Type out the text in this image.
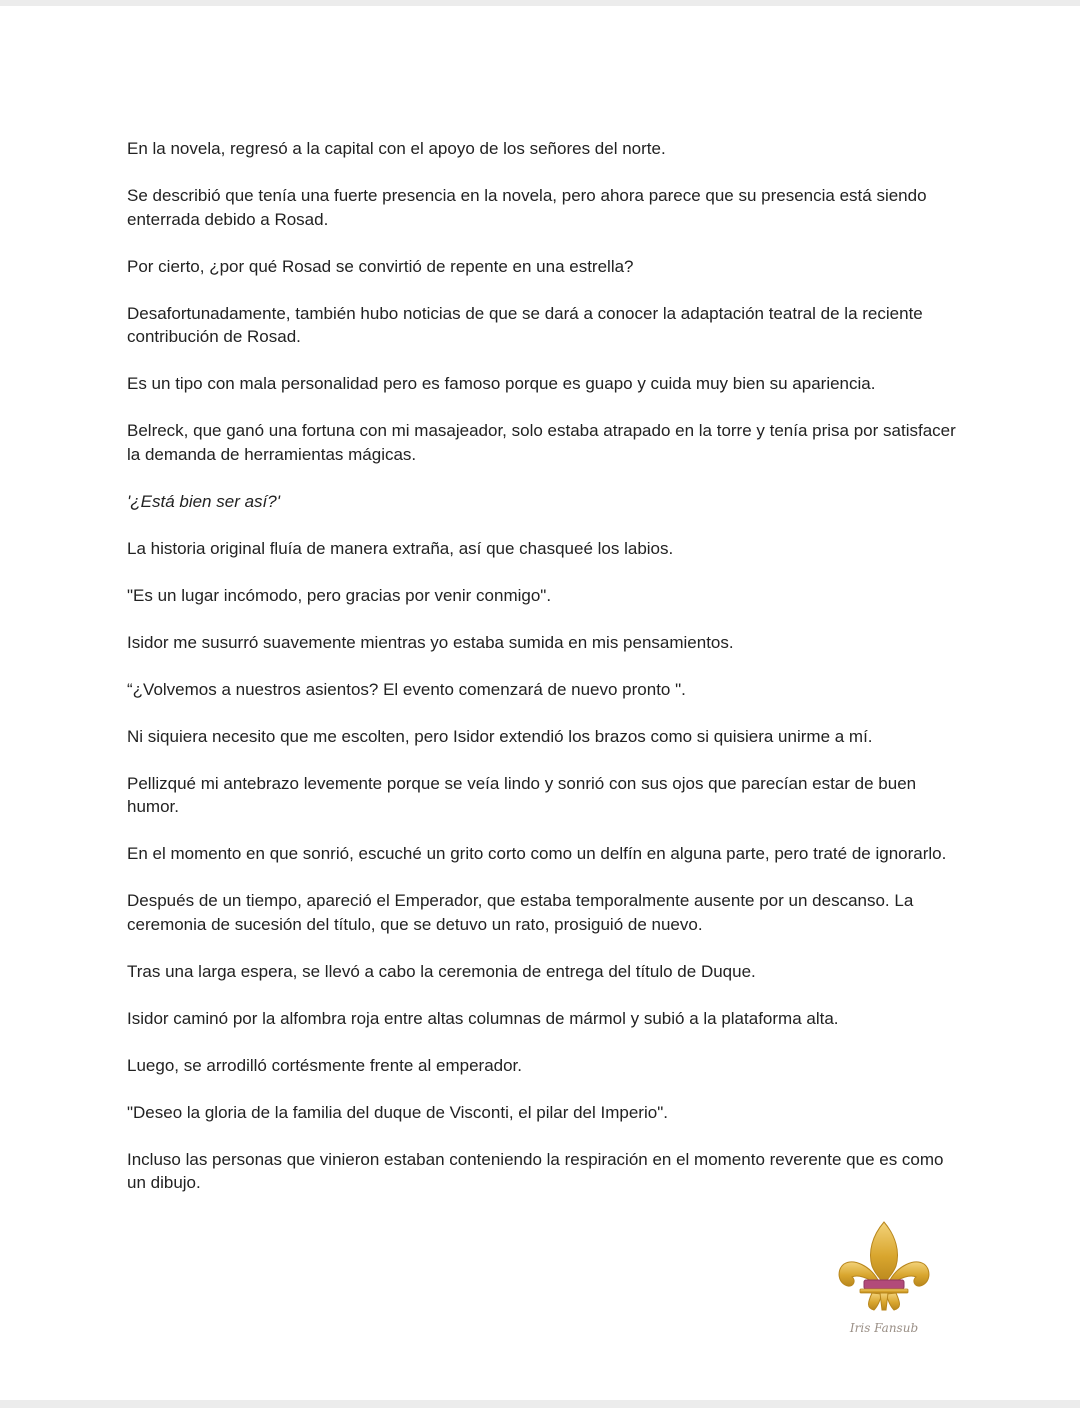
En la novela, regresó a la capital con el apoyo de los señores del norte.

Se describió que tenía una fuerte presencia en la novela, pero ahora parece que su presencia está siendo enterrada debido a Rosad.

Por cierto, ¿por qué Rosad se convirtió de repente en una estrella?

Desafortunadamente, también hubo noticias de que se dará a conocer la adaptación teatral de la reciente contribución de Rosad.

Es un tipo con mala personalidad pero es famoso porque es guapo y cuida muy bien su apariencia.

Belreck, que ganó una fortuna con mi masajeador, solo estaba atrapado en la torre y tenía prisa por satisfacer la demanda de herramientas mágicas.

'¿Está bien ser así?'

La historia original fluía de manera extraña, así que chasqueé los labios.

"Es un lugar incómodo, pero gracias por venir conmigo".

Isidor me susurró suavemente mientras yo estaba sumida en mis pensamientos.

“¿Volvemos a nuestros asientos? El evento comenzará de nuevo pronto ".

Ni siquiera necesito que me escolten, pero Isidor extendió los brazos como si quisiera unirme a mí.

Pellizqué mi antebrazo levemente porque se veía lindo y sonrió con sus ojos que parecían estar de buen humor.

En el momento en que sonrió, escuché un grito corto como un delfín en alguna parte, pero traté de ignorarlo.

Después de un tiempo, apareció el Emperador, que estaba temporalmente ausente por un descanso. La ceremonia de sucesión del título, que se detuvo un rato, prosiguió de nuevo.

Tras una larga espera, se llevó a cabo la ceremonia de entrega del título de Duque.

Isidor caminó por la alfombra roja entre altas columnas de mármol y subió a la plataforma alta.

Luego, se arrodilló cortésmente frente al emperador.

"Deseo la gloria de la familia del duque de Visconti, el pilar del Imperio".

Incluso las personas que vinieron estaban conteniendo la respiración en el momento reverente que es como un dibujo.

Iris Fansub
